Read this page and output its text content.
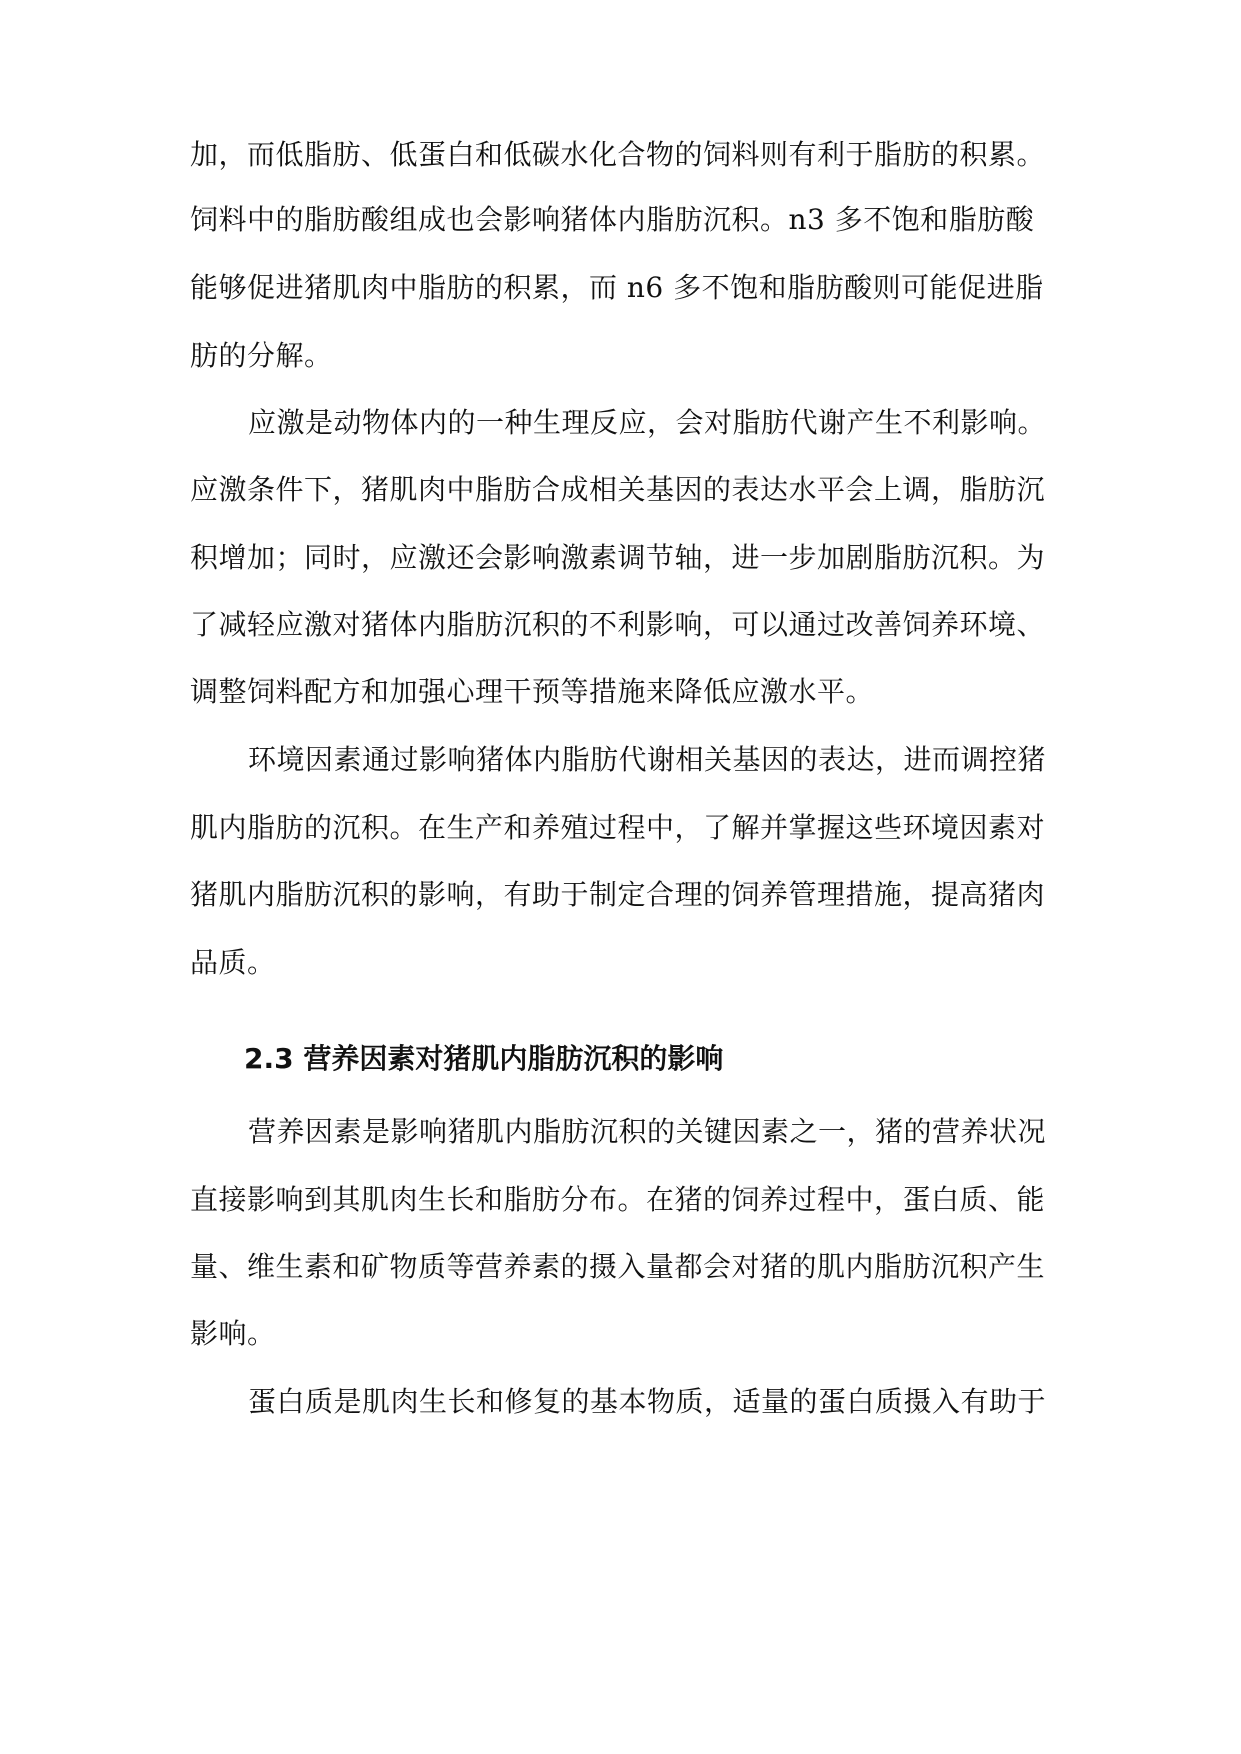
加，而低脂肪、低蛋白和低碳水化合物的饲料则有利于脂肪的积累。
饲料中的脂肪酸组成也会影响猪体内脂肪沉积。n3 多不饱和脂肪酸
能够促进猪肌肉中脂肪的积累，而 n6 多不饱和脂肪酸则可能促进脂
肪的分解。
应激是动物体内的一种生理反应，会对脂肪代谢产生不利影响。
应激条件下，猪肌肉中脂肪合成相关基因的表达水平会上调，脂肪沉
积增加；同时，应激还会影响激素调节轴，进一步加剧脂肪沉积。为
了减轻应激对猪体内脂肪沉积的不利影响，可以通过改善饲养环境、
调整饲料配方和加强心理干预等措施来降低应激水平。
环境因素通过影响猪体内脂肪代谢相关基因的表达，进而调控猪
肌内脂肪的沉积。在生产和养殖过程中，了解并掌握这些环境因素对
猪肌内脂肪沉积的影响，有助于制定合理的饲养管理措施，提高猪肉
品质。
2.3 营养因素对猪肌内脂肪沉积的影响
营养因素是影响猪肌内脂肪沉积的关键因素之一，猪的营养状况
直接影响到其肌肉生长和脂肪分布。在猪的饲养过程中，蛋白质、能
量、维生素和矿物质等营养素的摄入量都会对猪的肌内脂肪沉积产生
影响。
蛋白质是肌肉生长和修复的基本物质，适量的蛋白质摄入有助于
